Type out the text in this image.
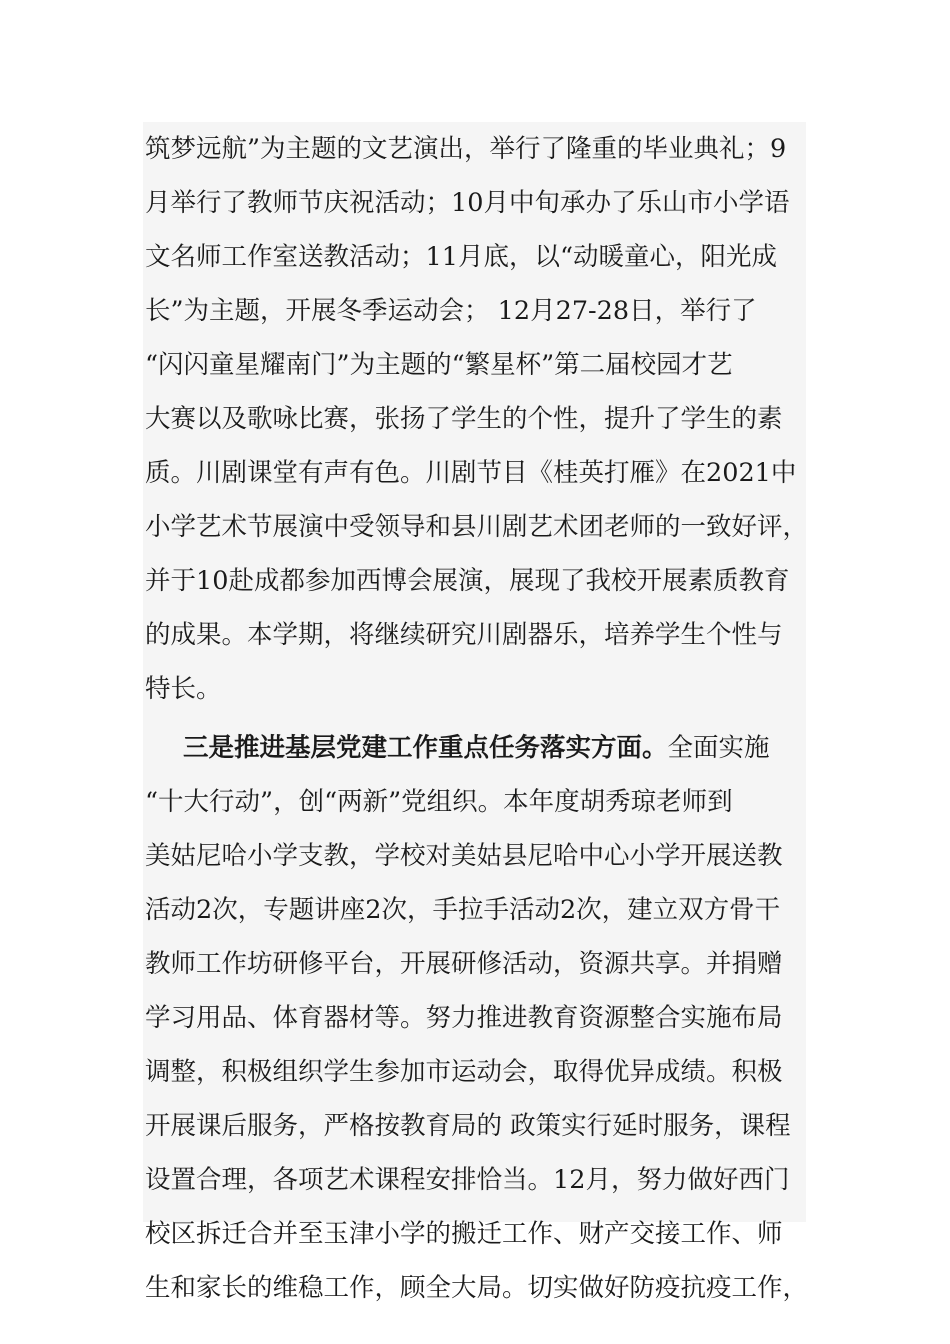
筑梦远航”为主题的文艺演出，举行了隆重的毕业典礼；9
月举行了教师节庆祝活动；10月中旬承办了乐山市小学语
文名师工作室送教活动；11月底，以“动暖童心，阳光成
长”为主题，开展冬季运动会； 12月27-28日，举行了
“闪闪童星耀南门”为主题的“繁星杯”第二届校园才艺
大赛以及歌咏比赛，张扬了学生的个性，提升了学生的素
质。川剧课堂有声有色。川剧节目《桂英打雁》在2021中
小学艺术节展演中受领导和县川剧艺术团老师的一致好评，
并于10赴成都参加西博会展演，展现了我校开展素质教育
的成果。本学期，将继续研究川剧器乐，培养学生个性与
特长。
三是推进基层党建工作重点任务落实方面。全面实施
“十大行动”，创“两新”党组织。本年度胡秀琼老师到
美姑尼哈小学支教，学校对美姑县尼哈中心小学开展送教
活动2次，专题讲座2次，手拉手活动2次，建立双方骨干
教师工作坊研修平台，开展研修活动，资源共享。并捐赠
学习用品、体育器材等。努力推进教育资源整合实施布局
调整，积极组织学生参加市运动会，取得优异成绩。积极
开展课后服务，严格按教育局的 政策实行延时服务，课程
设置合理，各项艺术课程安排恰当。12月，努力做好西门
校区拆迁合并至玉津小学的搬迁工作、财产交接工作、师
生和家长的维稳工作，顾全大局。切实做好防疫抗疫工作，
